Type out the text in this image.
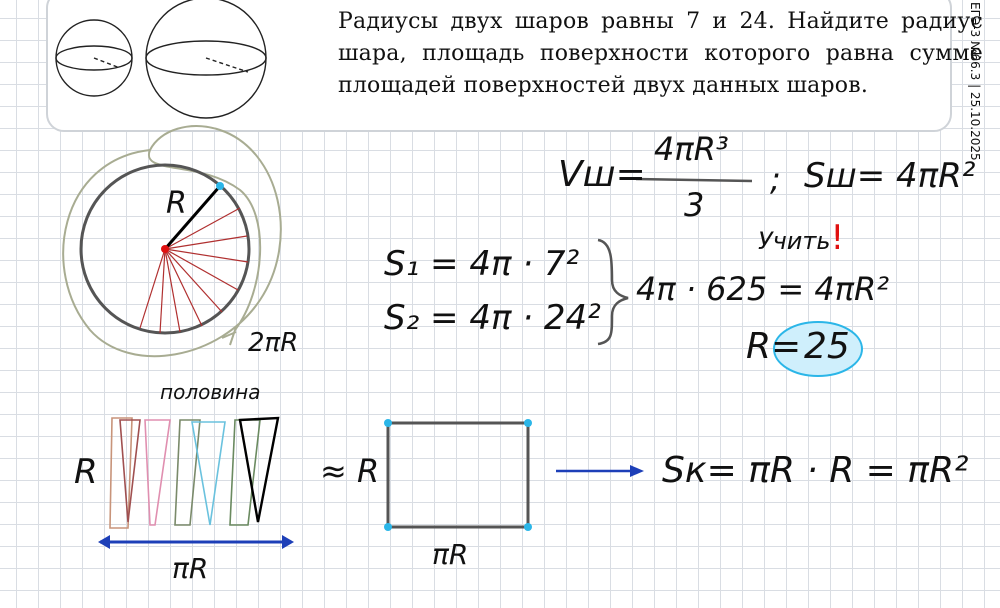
Радиусы двух шаров равны 7 и 24. Найдите радиус шара, площадь поверхности которого равна сумме площадей поверхностей двух данных шаров.	ЕГЭ-3 №66.3 | 25.10.2025
R
2πR
половина
R
πR
≈ R
πR
Vш=
4πR³
3
; Sш= 4πR²
Учить!
S₁ = 4π · 7²
S₂ = 4π · 24²
4π · 625 = 4πR²
R= 25
Sк= πR · R = πR²
